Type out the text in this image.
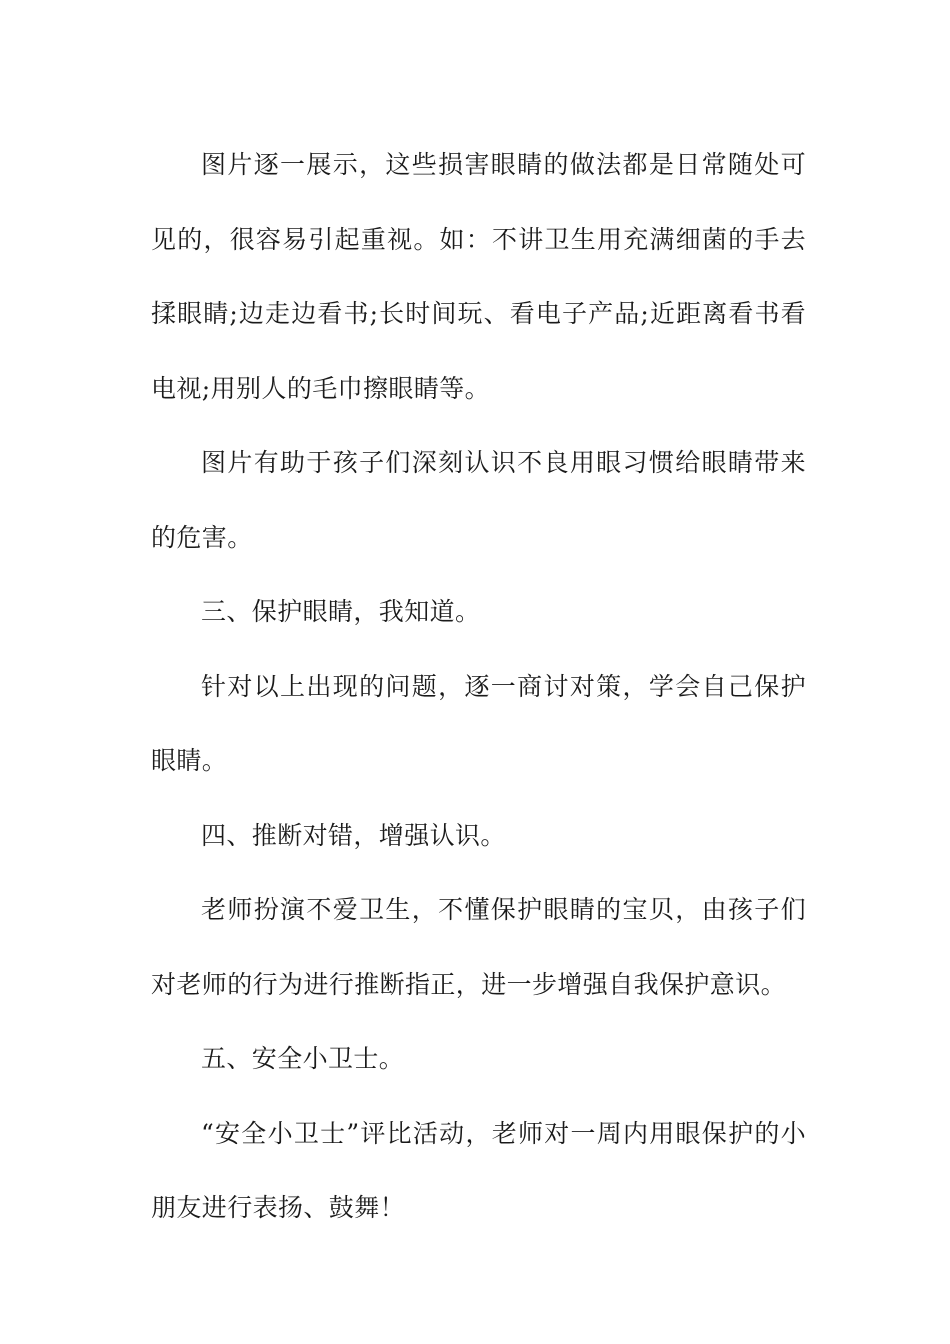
图片逐一展示，这些损害眼睛的做法都是日常随处可见的，很容易引起重视。如：不讲卫生用充满细菌的手去揉眼睛;边走边看书;长时间玩、看电子产品;近距离看书看电视;用别人的毛巾擦眼睛等。

图片有助于孩子们深刻认识不良用眼习惯给眼睛带来的危害。

三、保护眼睛，我知道。

针对以上出现的问题，逐一商讨对策，学会自己保护眼睛。

四、推断对错，增强认识。

老师扮演不爱卫生，不懂保护眼睛的宝贝，由孩子们对老师的行为进行推断指正，进一步增强自我保护意识。

五、安全小卫士。

“安全小卫士”评比活动，老师对一周内用眼保护的小朋友进行表扬、鼓舞！
